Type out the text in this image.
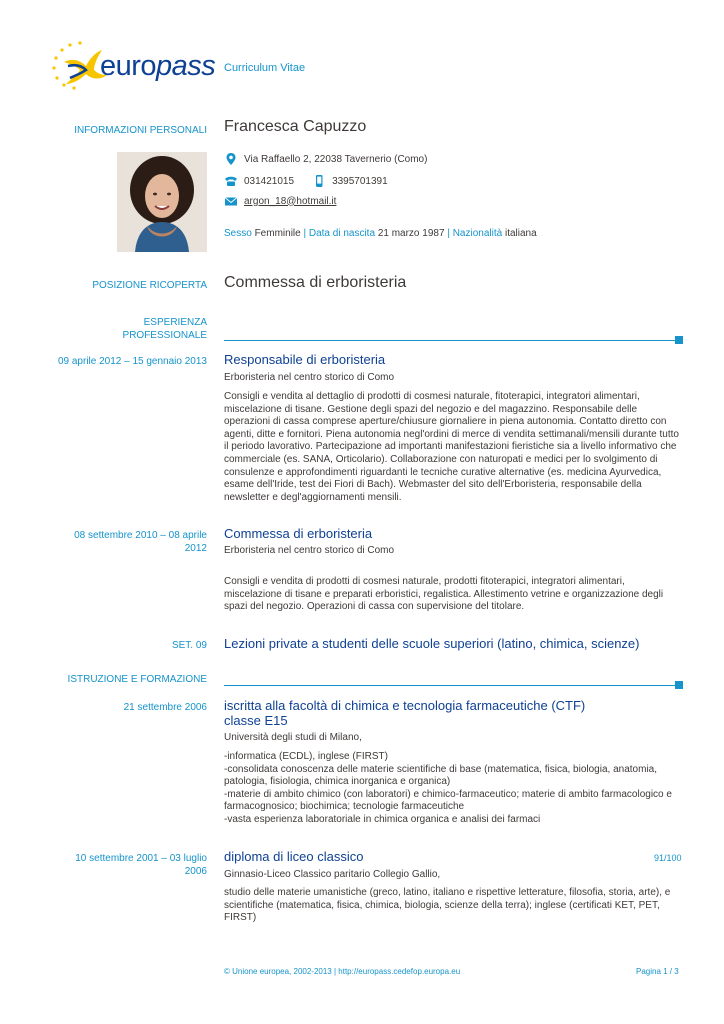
europass Curriculum Vitae
INFORMAZIONI PERSONALI Francesca Capuzzo
Via Raffaello 2, 22038 Tavernerio (Como)
031421015	3395701391
argon_18@hotmail.it
Sesso Femminile | Data di nascita 21 marzo 1987 | Nazionalità italiana
POSIZIONE RICOPERTA Commessa di erboristeria
ESPERIENZA
PROFESSIONALE
09 aprile 2012 – 15 gennaio 2013 Responsabile di erboristeria
Erboristeria nel centro storico di Como
Consigli e vendita al dettaglio di prodotti di cosmesi naturale, fitoterapici, integratori alimentari, miscelazione di tisane. Gestione degli spazi del negozio e del magazzino. Responsabile delle operazioni di cassa comprese aperture/chiusure giornaliere in piena autonomia. Contatto diretto con agenti, ditte e fornitori. Piena autonomia negl'ordini di merce di vendita settimanali/mensili durante tutto il periodo lavorativo. Partecipazione ad importanti manifestazioni fieristiche sia a livello informativo che commerciale (es. SANA, Orticolario). Collaborazione con naturopati e medici per lo svolgimento di consulenze e approfondimenti riguardanti le tecniche curative alternative (es. medicina Ayurvedica, esame dell'Iride, test dei Fiori di Bach). Webmaster del sito dell'Erboristeria, responsabile della newsletter e degl'aggiornamenti mensili.
08 settembre 2010 – 08 aprile
2012
Commessa di erboristeria
Erboristeria nel centro storico di Como
Consigli e vendita di prodotti di cosmesi naturale, prodotti fitoterapici, integratori alimentari, miscelazione di tisane e preparati erboristici, regalistica. Allestimento vetrine e organizzazione degli spazi del negozio. Operazioni di cassa con supervisione del titolare.
SET. 09 Lezioni private a studenti delle scuole superiori (latino, chimica, scienze)
ISTRUZIONE E FORMAZIONE
21 settembre 2006 iscritta alla facoltà di chimica e tecnologia farmaceutiche (CTF)
classe E15
Università degli studi di Milano,
-informatica (ECDL), inglese (FIRST)
-consolidata conoscenza delle materie scientifiche di base (matematica, fisica, biologia, anatomia, patologia, fisiologia, chimica inorganica e organica)
-materie di ambito chimico (con laboratori) e chimico-farmaceutico; materie di ambito farmacologico e farmacognosico; biochimica; tecnologie farmaceutiche
-vasta esperienza laboratoriale in chimica organica e analisi dei farmaci
10 settembre 2001 – 03 luglio
2006
diploma di liceo classico	91/100
Ginnasio-Liceo Classico paritario Collegio Gallio,
studio delle materie umanistiche (greco, latino, italiano e rispettive letterature, filosofia, storia, arte), e scientifiche (matematica, fisica, chimica, biologia, scienze della terra); inglese (certificati KET, PET, FIRST)
© Unione europea, 2002-2013 | http://europass.cedefop.europa.eu	Pagina 1 / 3
